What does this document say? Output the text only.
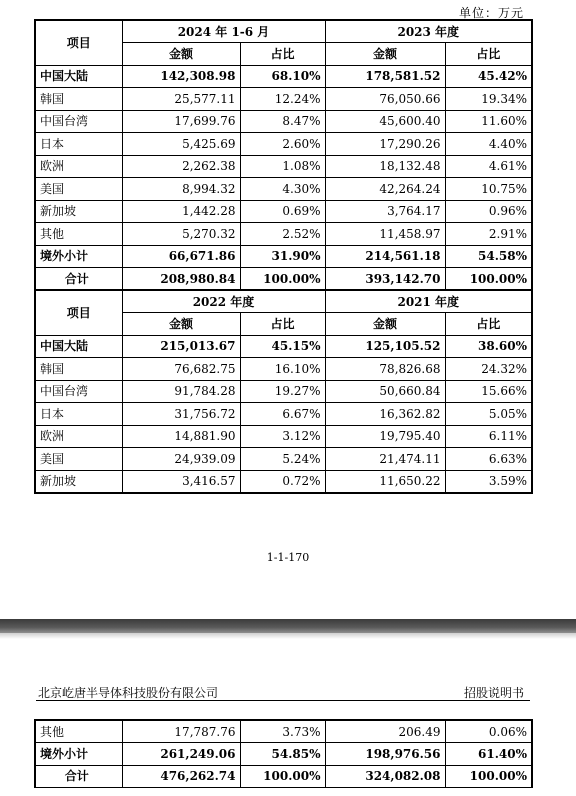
单位：万元
项目	2024 年 1-6 月		2023 年度	
	金额	占比	金额	占比
中国大陆	142,308.98	68.10%	178,581.52	45.42%
韩国	25,577.11	12.24%	76,050.66	19.34%
中国台湾	17,699.76	8.47%	45,600.40	11.60%
日本	5,425.69	2.60%	17,290.26	4.40%
欧洲	2,262.38	1.08%	18,132.48	4.61%
美国	8,994.32	4.30%	42,264.24	10.75%
新加坡	1,442.28	0.69%	3,764.17	0.96%
其他	5,270.32	2.52%	11,458.97	2.91%
境外小计	66,671.86	31.90%	214,561.18	54.58%
合计	208,980.84	100.00%	393,142.70	100.00%
项目	2022 年度		2021 年度	
	金额	占比	金额	占比
中国大陆	215,013.67	45.15%	125,105.52	38.60%
韩国	76,682.75	16.10%	78,826.68	24.32%
中国台湾	91,784.28	19.27%	50,660.84	15.66%
日本	31,756.72	6.67%	16,362.82	5.05%
欧洲	14,881.90	3.12%	19,795.40	6.11%
美国	24,939.09	5.24%	21,474.11	6.63%
新加坡	3,416.57	0.72%	11,650.22	3.59%
1-1-170
北京屹唐半导体科技股份有限公司	招股说明书
其他	17,787.76	3.73%	206.49	0.06%
境外小计	261,249.06	54.85%	198,976.56	61.40%
合计	476,262.74	100.00%	324,082.08	100.00%
